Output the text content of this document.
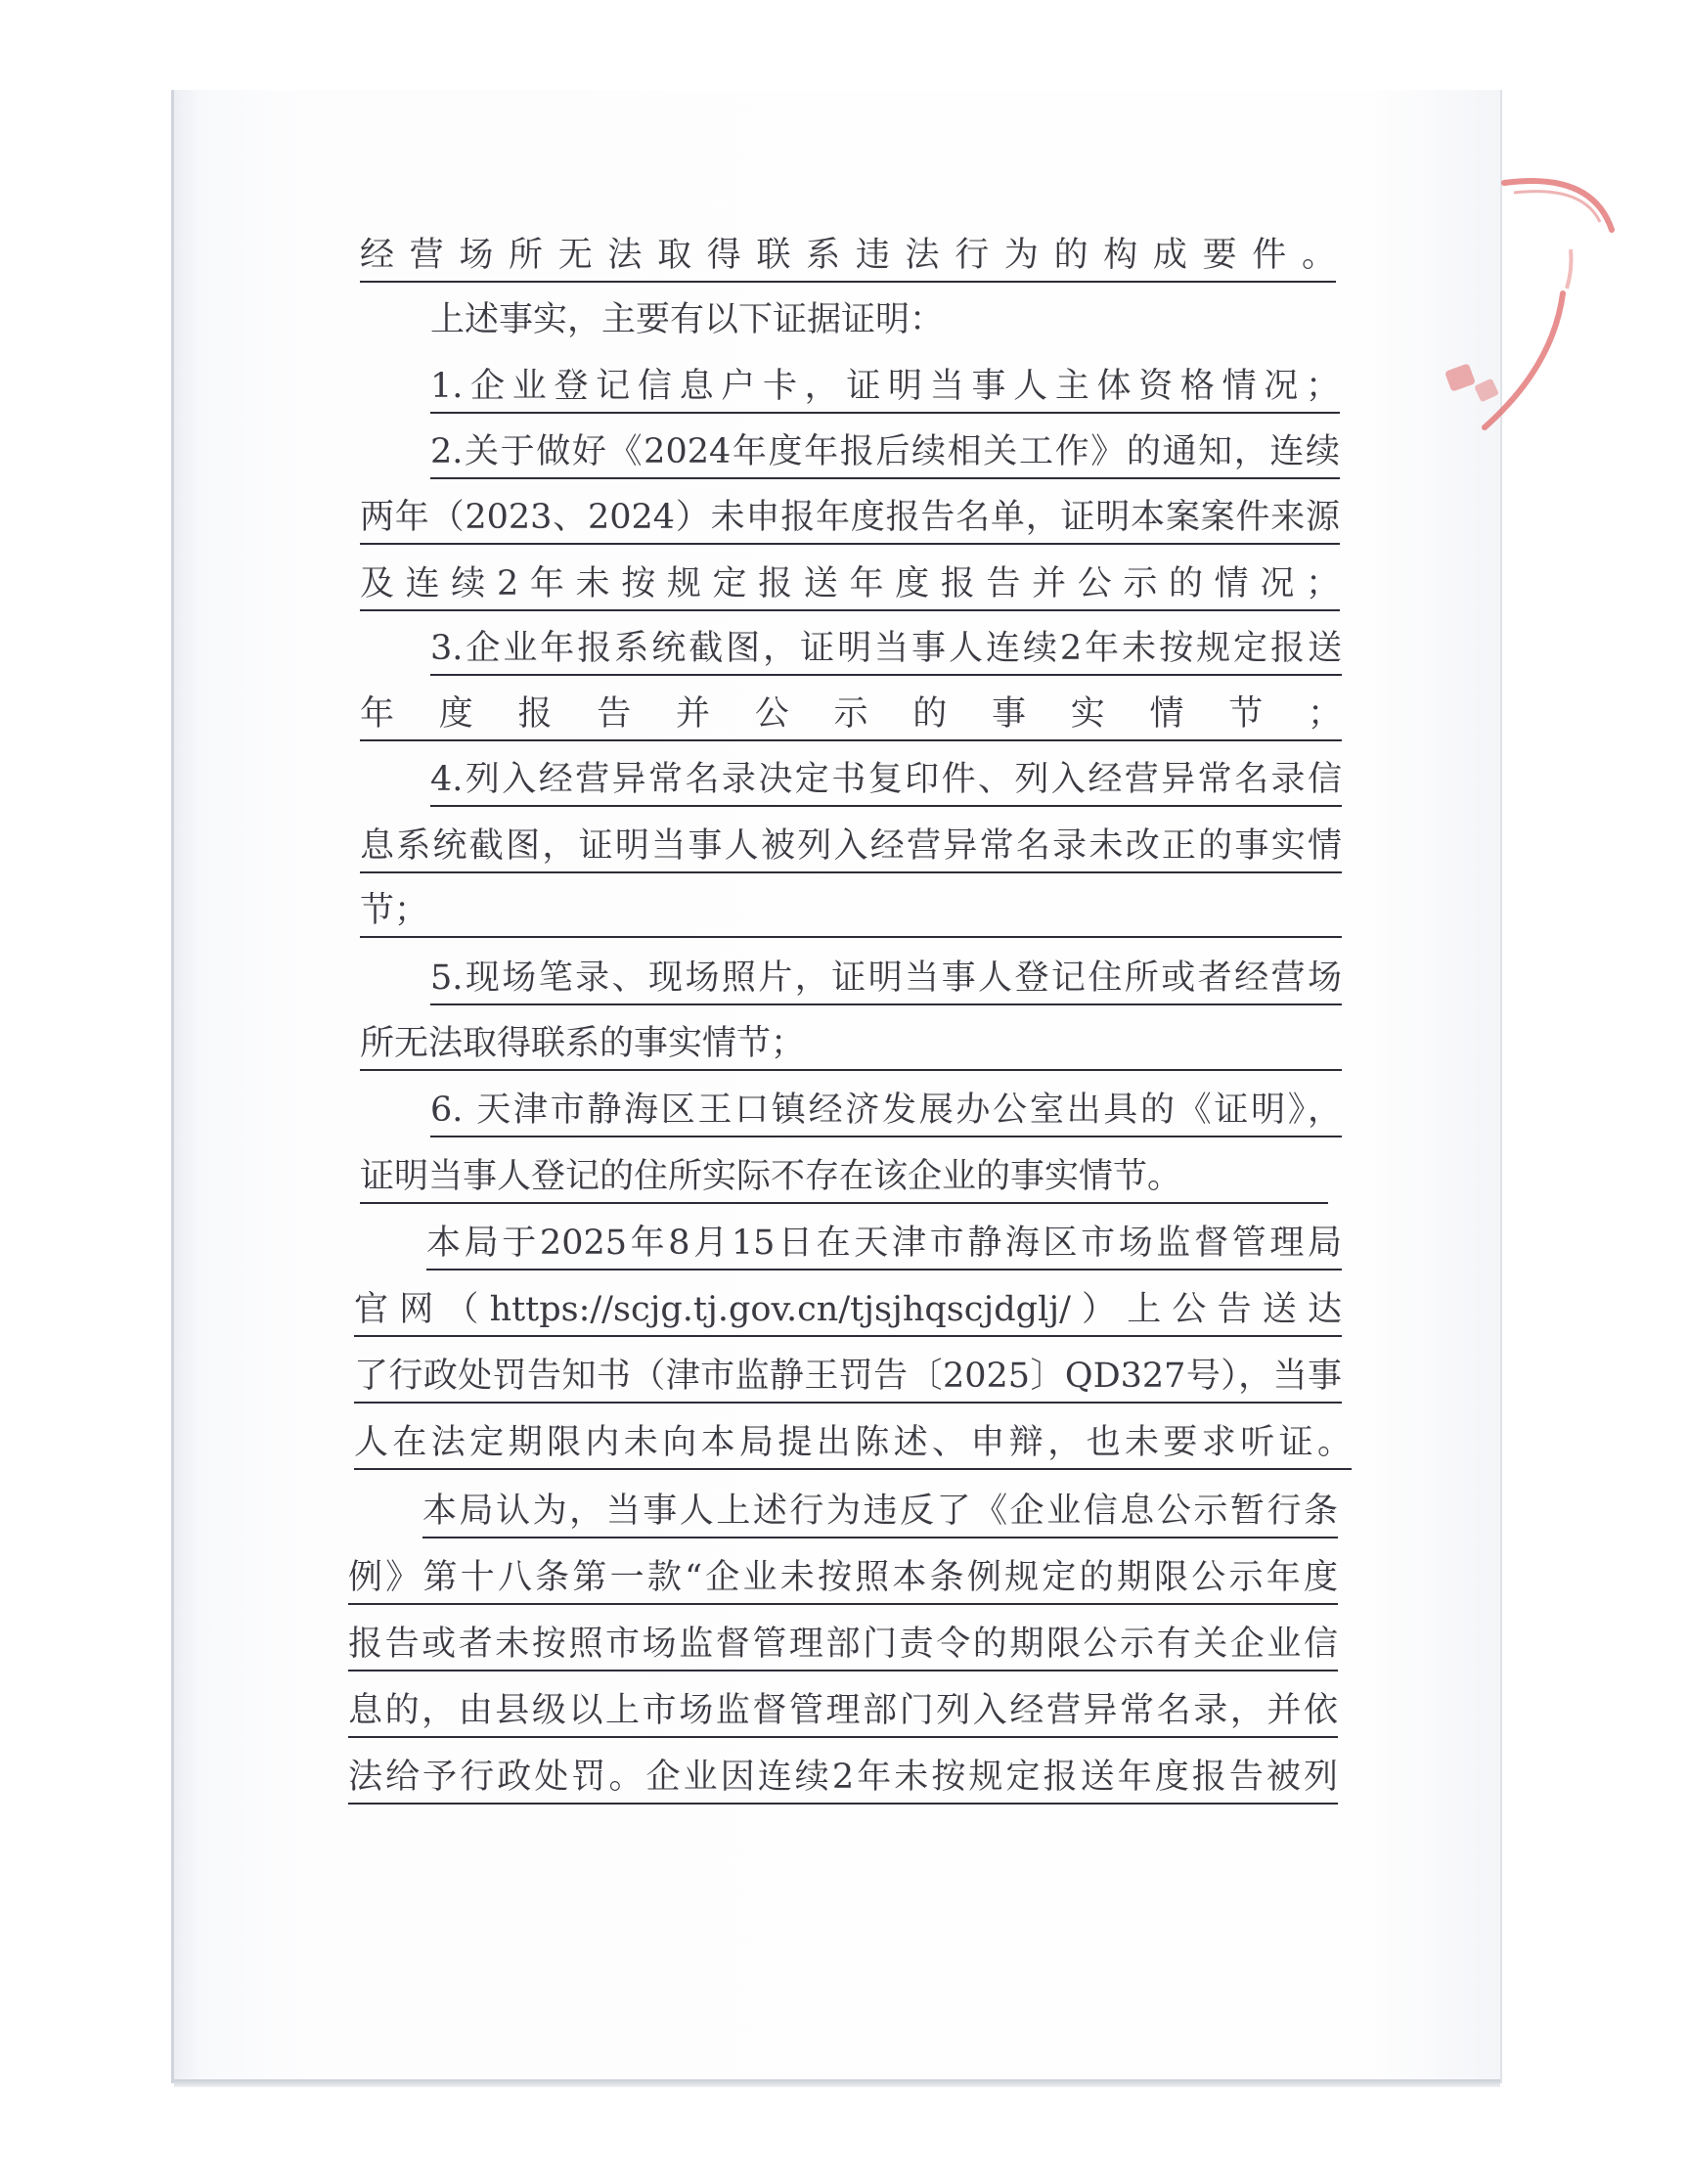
经营场所无法取得联系违法行为的构成要件。
上述事实，主要有以下证据证明：
1.企业登记信息户卡，证明当事人主体资格情况；
2.关于做好《2024年度年报后续相关工作》的通知，连续
两年（2023、2024）未申报年度报告名单，证明本案案件来源
及连续2年未按规定报送年度报告并公示的情况；
3.企业年报系统截图，证明当事人连续2年未按规定报送
年度报告并公示的事实情节；
4.列入经营异常名录决定书复印件、列入经营异常名录信
息系统截图，证明当事人被列入经营异常名录未改正的事实情
节；
5.现场笔录、现场照片，证明当事人登记住所或者经营场
所无法取得联系的事实情节；
6. 天津市静海区王口镇经济发展办公室出具的《证明》，
证明当事人登记的住所实际不存在该企业的事实情节。
本局于2025年8月15日在天津市静海区市场监督管理局
官网（https://scjg.tj.gov.cn/tjsjhqscjdglj/）上公告送达
了行政处罚告知书（津市监静王罚告〔2025〕QD327号），当事
人在法定期限内未向本局提出陈述、申辩，也未要求听证。
本局认为，当事人上述行为违反了《企业信息公示暂行条
例》第十八条第一款“企业未按照本条例规定的期限公示年度
报告或者未按照市场监督管理部门责令的期限公示有关企业信
息的，由县级以上市场监督管理部门列入经营异常名录，并依
法给予行政处罚。企业因连续2年未按规定报送年度报告被列
